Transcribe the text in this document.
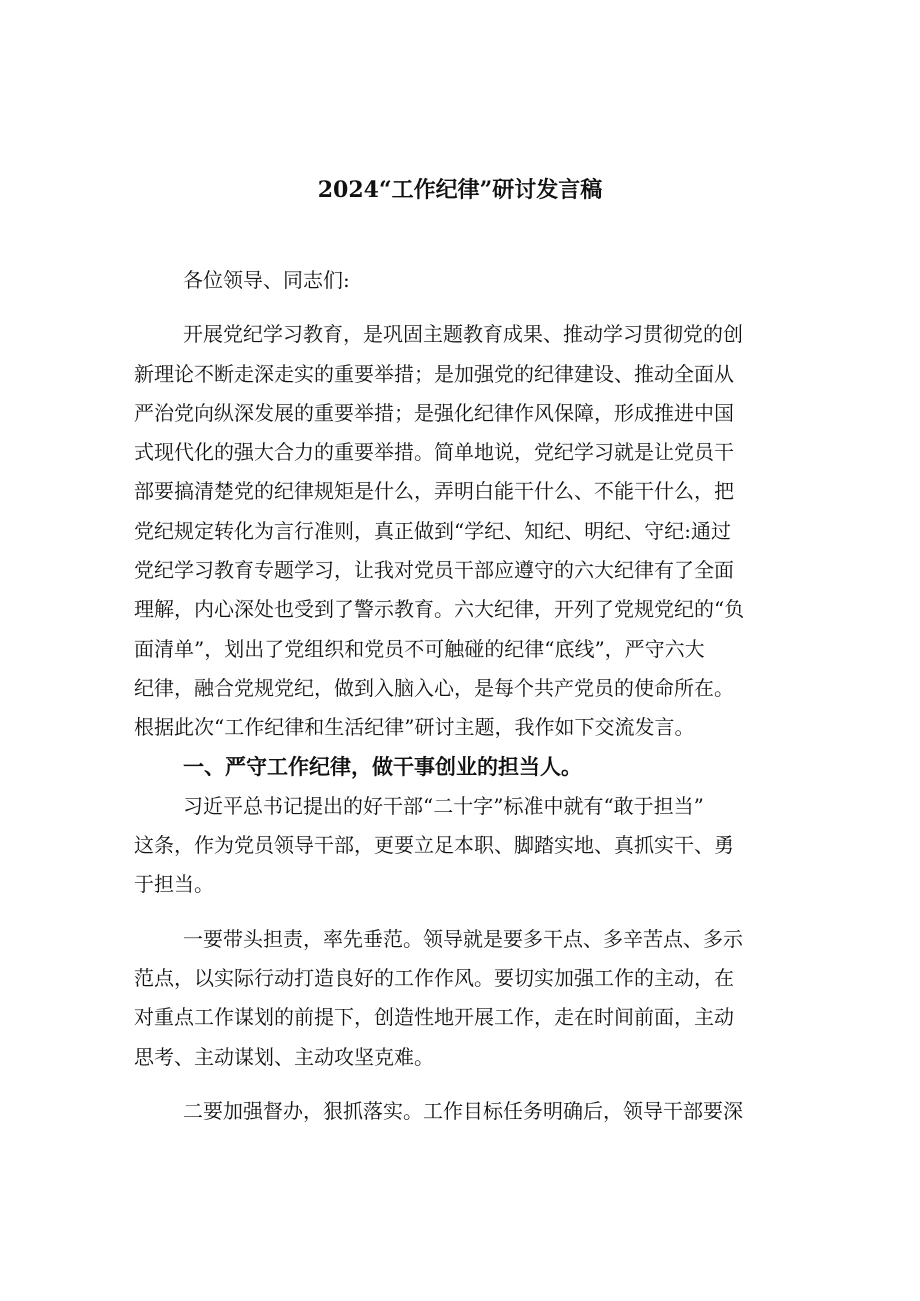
2024“工作纪律”研讨发言稿
各位领导、同志们:
开展党纪学习教育，是巩固主题教育成果、推动学习贯彻党的创
新理论不断走深走实的重要举措；是加强党的纪律建设、推动全面从
严治党向纵深发展的重要举措；是强化纪律作风保障，形成推进中国
式现代化的强大合力的重要举措。简单地说，党纪学习就是让党员干
部要搞清楚党的纪律规矩是什么，弄明白能干什么、不能干什么，把
党纪规定转化为言行准则，真正做到“学纪、知纪、明纪、守纪:通过
党纪学习教育专题学习，让我对党员干部应遵守的六大纪律有了全面
理解，内心深处也受到了警示教育。六大纪律，开列了党规党纪的“负
面清单”，划出了党组织和党员不可触碰的纪律“底线”，严守六大
纪律，融合党规党纪，做到入脑入心，是每个共产党员的使命所在。
根据此次“工作纪律和生活纪律”研讨主题，我作如下交流发言。
一、严守工作纪律，做干事创业的担当人。
习近平总书记提出的好干部“二十字”标准中就有“敢于担当”
这条，作为党员领导干部，更要立足本职、脚踏实地、真抓实干、勇
于担当。
一要带头担责，率先垂范。领导就是要多干点、多辛苦点、多示
范点，以实际行动打造良好的工作作风。要切实加强工作的主动，在
对重点工作谋划的前提下，创造性地开展工作，走在时间前面，主动
思考、主动谋划、主动攻坚克难。
二要加强督办，狠抓落实。工作目标任务明确后，领导干部要深
